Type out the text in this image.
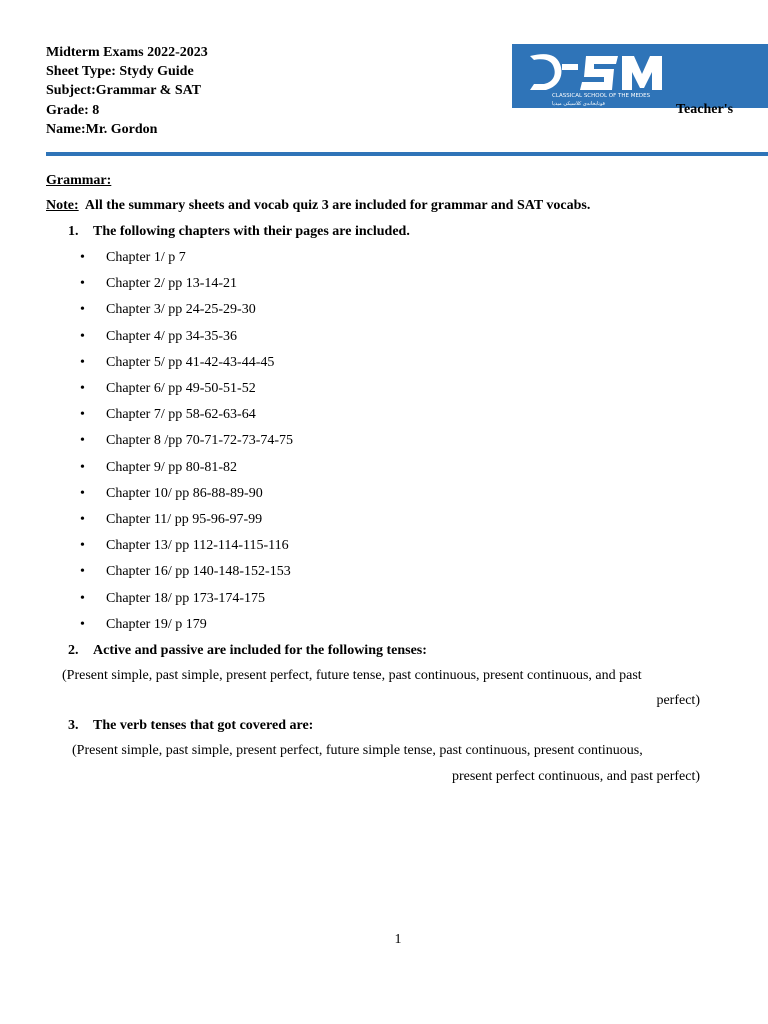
Midterm Exams 2022-2023
Sheet Type: Stydy Guide
Subject:Grammar & SAT
Grade: 8
Name:Mr. Gordon
CLASSICAL SCHOOL OF THE MEDES
قوتابخانەی کلاسیکی میدیا	Teacher's
Grammar:
Note: All the summary sheets and vocab quiz 3 are included for grammar and SAT vocabs.
1. The following chapters with their pages are included.
• Chapter 1/ p 7
• Chapter 2/ pp 13-14-21
• Chapter 3/ pp 24-25-29-30
• Chapter 4/ pp 34-35-36
• Chapter 5/ pp 41-42-43-44-45
• Chapter 6/ pp 49-50-51-52
• Chapter 7/ pp 58-62-63-64
• Chapter 8 /pp 70-71-72-73-74-75
• Chapter 9/ pp 80-81-82
• Chapter 10/ pp 86-88-89-90
• Chapter 11/ pp 95-96-97-99
• Chapter 13/ pp 112-114-115-116
• Chapter 16/ pp 140-148-152-153
• Chapter 18/ pp 173-174-175
• Chapter 19/ p 179
2. Active and passive are included for the following tenses:
(Present simple, past simple, present perfect, future tense, past continuous, present continuous, and past
perfect)
3. The verb tenses that got covered are:
(Present simple, past simple, present perfect, future simple tense, past continuous, present continuous,
present perfect continuous, and past perfect)
1
